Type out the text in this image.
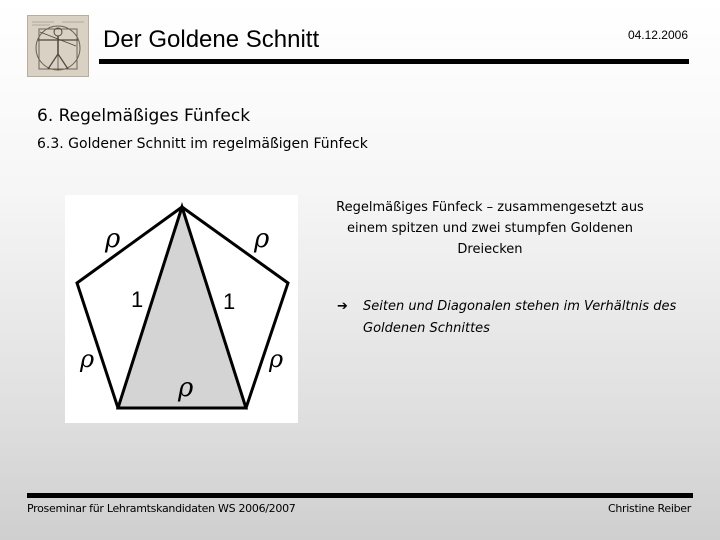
Der Goldene Schnitt	04.12.2006
6. Regelmäßiges Fünfeck
6.3. Goldener Schnitt im regelmäßigen Fünfeck
ρ	ρ
1	1
ρ	ρ
ρ
Regelmäßiges Fünfeck – zusammengesetzt aus einem spitzen und zwei stumpfen Goldenen Dreiecken
➔ Seiten und Diagonalen stehen im Verhältnis des Goldenen Schnittes
Proseminar für Lehramtskandidaten WS 2006/2007	Christine Reiber
